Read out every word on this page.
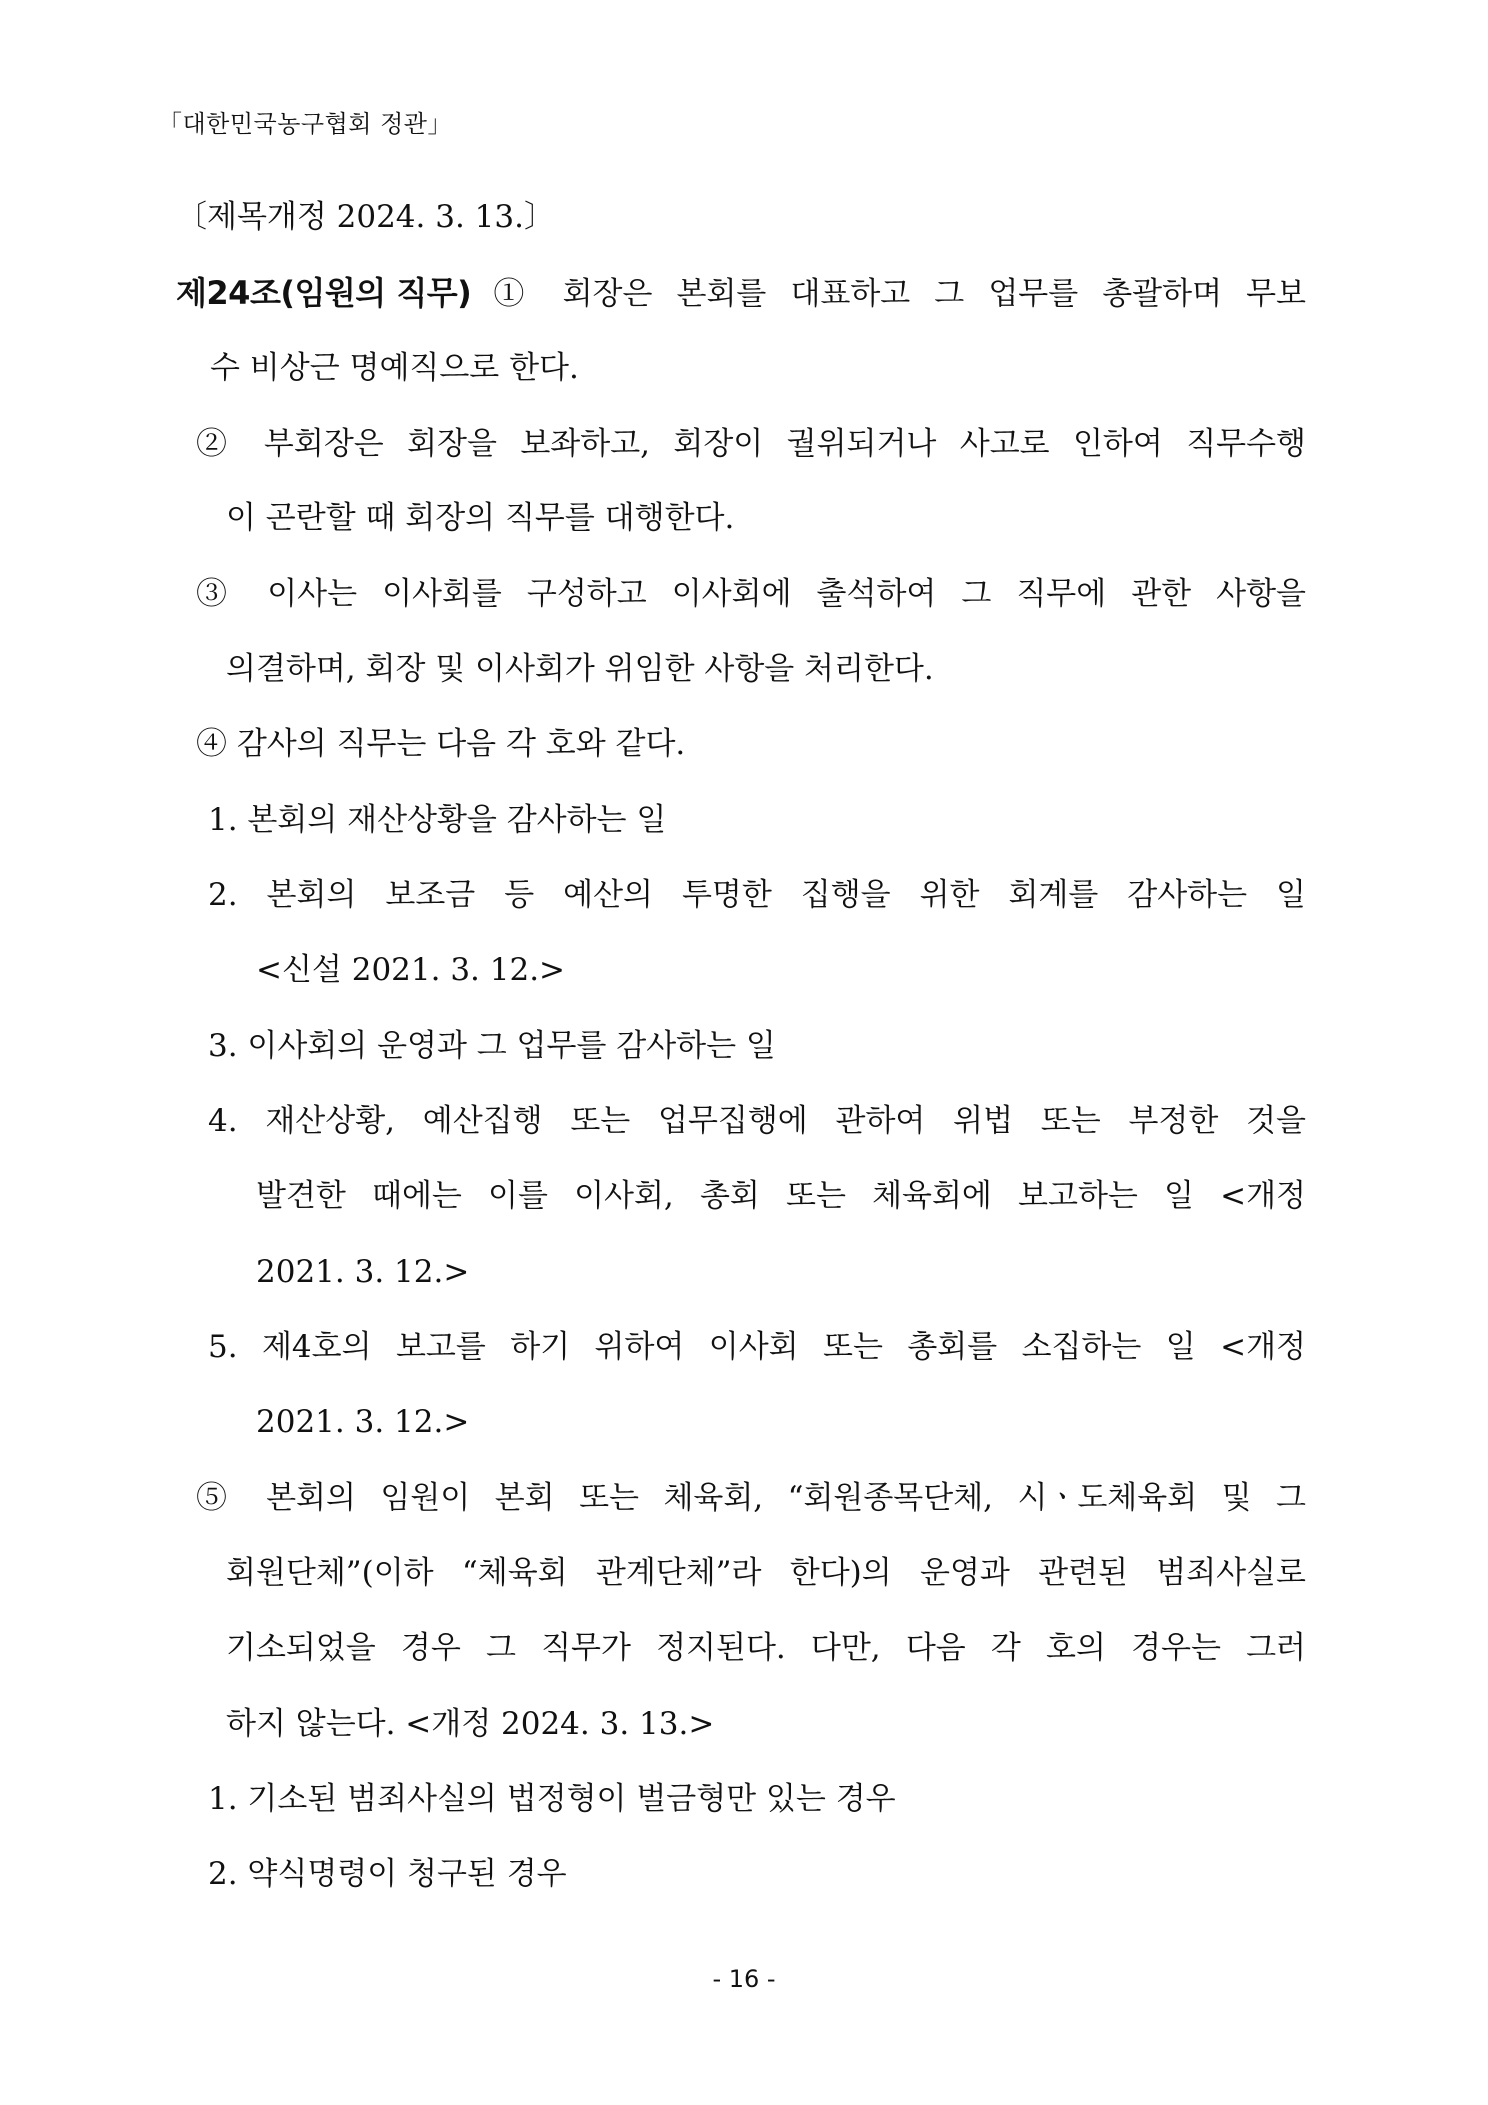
「대한민국농구협회 정관」
〔제목개정 2024. 3. 13.〕
제24조(임원의 직무) ① 회장은 본회를 대표하고 그 업무를 총괄하며 무보
수 비상근 명예직으로 한다.
② 부회장은 회장을 보좌하고, 회장이 궐위되거나 사고로 인하여 직무수행
이 곤란할 때 회장의 직무를 대행한다.
③ 이사는 이사회를 구성하고 이사회에 출석하여 그 직무에 관한 사항을
의결하며, 회장 및 이사회가 위임한 사항을 처리한다.
④ 감사의 직무는 다음 각 호와 같다.
1. 본회의 재산상황을 감사하는 일
2. 본회의 보조금 등 예산의 투명한 집행을 위한 회계를 감사하는 일
<신설 2021. 3. 12.>
3. 이사회의 운영과 그 업무를 감사하는 일
4. 재산상황, 예산집행 또는 업무집행에 관하여 위법 또는 부정한 것을
발견한 때에는 이를 이사회, 총회 또는 체육회에 보고하는 일 <개정
2021. 3. 12.>
5. 제4호의 보고를 하기 위하여 이사회 또는 총회를 소집하는 일 <개정
2021. 3. 12.>
⑤ 본회의 임원이 본회 또는 체육회, “회원종목단체, 시ㆍ도체육회 및 그
회원단체”(이하 “체육회 관계단체”라 한다)의 운영과 관련된 범죄사실로
기소되었을 경우 그 직무가 정지된다. 다만, 다음 각 호의 경우는 그러
하지 않는다. <개정 2024. 3. 13.>
1. 기소된 범죄사실의 법정형이 벌금형만 있는 경우
2. 약식명령이 청구된 경우
- 16 -
